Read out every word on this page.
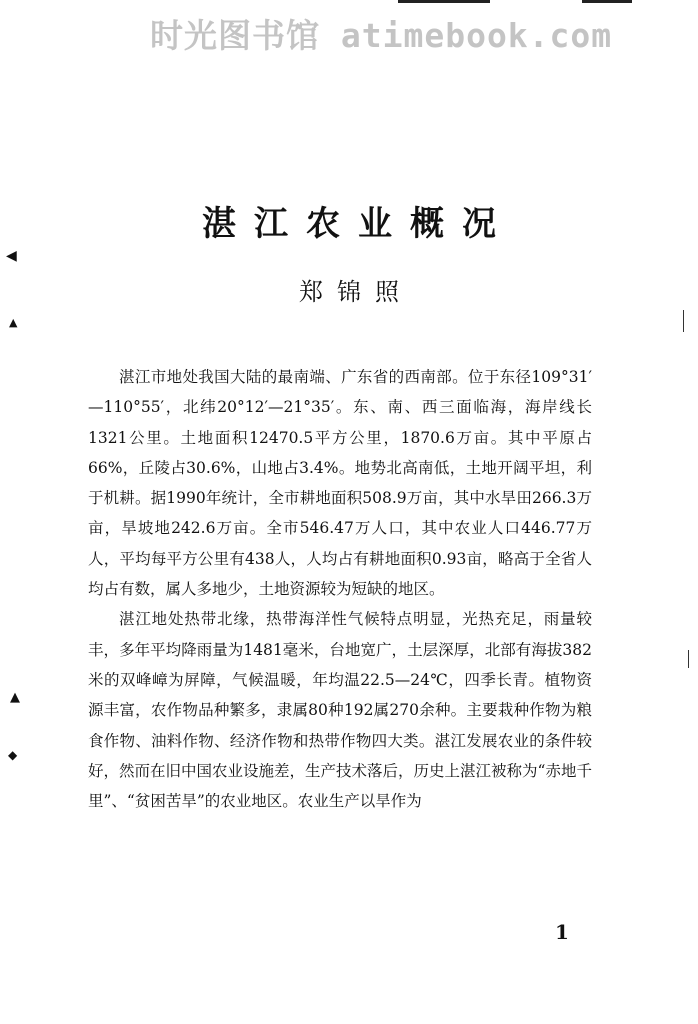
时光图书馆 atimebook.com
◀
▲
▲
◆
湛江农业概况
郑锦照

湛江市地处我国大陆的最南端、广东省的西南部。位于东径109°31′—110°55′，北纬20°12′—21°35′。东、南、西三面临海，海岸线长1321公里。土地面积12470.5平方公里，1870.6万亩。其中平原占66%，丘陵占30.6%，山地占3.4%。地势北高南低，土地开阔平坦，利于机耕。据1990年统计，全市耕地面积508.9万亩，其中水旱田266.3万亩，旱坡地242.6万亩。全市546.47万人口，其中农业人口446.77万人，平均每平方公里有438人，人均占有耕地面积0.93亩，略高于全省人均占有数，属人多地少，土地资源较为短缺的地区。

湛江地处热带北缘，热带海洋性气候特点明显，光热充足，雨量较丰，多年平均降雨量为1481毫米，台地宽广，土层深厚，北部有海拔382米的双峰嶂为屏障，气候温暖，年均温22.5—24℃，四季长青。植物资源丰富，农作物品种繁多，隶属80种192属270余种。主要栽种作物为粮食作物、油料作物、经济作物和热带作物四大类。湛江发展农业的条件较好，然而在旧中国农业设施差，生产技术落后，历史上湛江被称为“赤地千里”、“贫困苦旱”的农业地区。农业生产以旱作为

1
